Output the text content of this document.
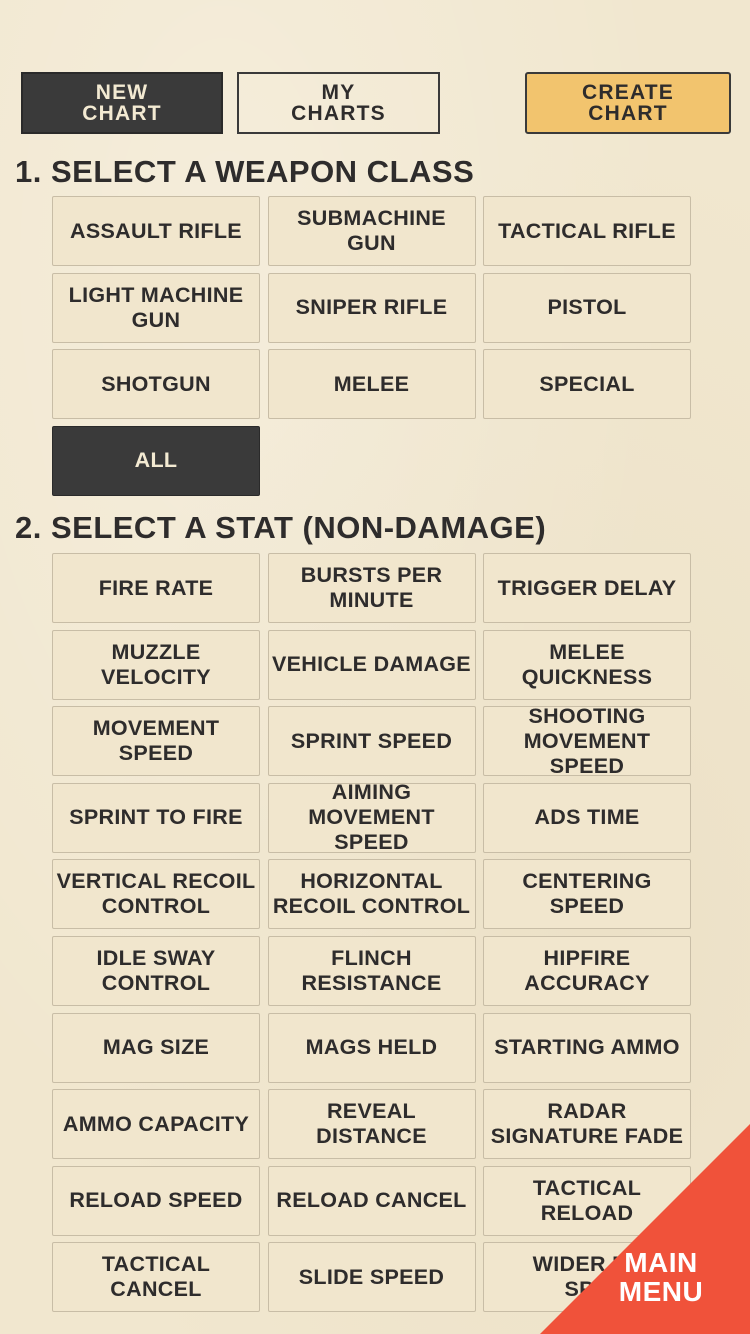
NEW
CHART
MY
CHARTS
CREATE
CHART
1. SELECT A WEAPON CLASS
ASSAULT RIFLE
SUBMACHINE
GUN
TACTICAL RIFLE
LIGHT MACHINE
GUN
SNIPER RIFLE	PISTOL
SHOTGUN	MELEE	SPECIAL
ALL
2. SELECT A STAT (NON-DAMAGE)
FIRE RATE
BURSTS PER
MINUTE
TRIGGER DELAY
MUZZLE
VELOCITY
VEHICLE DAMAGE
MELEE
QUICKNESS
MOVEMENT
SPEED
SPRINT SPEED
SHOOTING
MOVEMENT SPEED
SPRINT TO FIRE
AIMING
MOVEMENT SPEED
ADS TIME
VERTICAL RECOIL
CONTROL
HORIZONTAL
RECOIL CONTROL
CENTERING
SPEED
IDLE SWAY
CONTROL
FLINCH
RESISTANCE
HIPFIRE
ACCURACY
MAG SIZE	MAGS HELD	STARTING AMMO
AMMO CAPACITY
REVEAL
DISTANCE
RADAR
SIGNATURE FADE
RELOAD SPEED	RELOAD CANCEL
TACTICAL
RELOAD
TACTICAL
CANCEL
SLIDE SPEED
WIDER PE
SPR
MAIN
MENU
